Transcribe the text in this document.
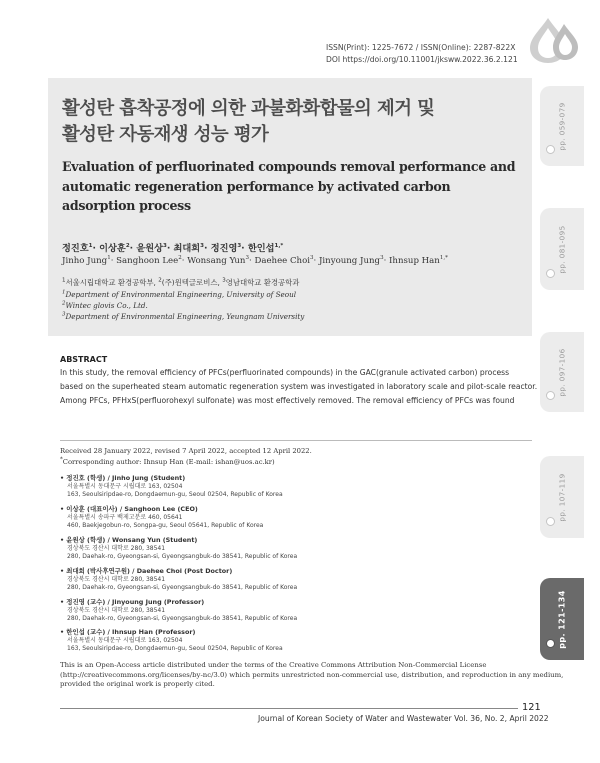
ISSN(Print): 1225-7672 / ISSN(Online): 2287-822X
DOI https://doi.org/10.11001/jksww.2022.36.2.121
활성탄 흡착공정에 의한 과불화화합물의 제거 및
활성탄 자동재생 성능 평가
Evaluation of perfluorinated compounds removal performance and
automatic regeneration performance by activated carbon
adsorption process
정진호$^1$· 이상훈$^2$· 윤원상$^3$· 최대희$^3$· 정진영$^3$· 한인섭$^{1,*}$
Jinho Jung$^1$· Sanghoon Lee$^2$· Wonsang Yun$^3$· Daehee Choi$^3$· Jinyoung Jung$^3$· Ihnsup Han$^{1,*}$
$^1$서울시립대학교 환경공학부, $^2$(주)윈텍글로비스, $^3$영남대학교 환경공학과
$^1$Department of Environmental Engineering, University of Seoul
$^2$Wintec glovis Co., Ltd.
$^3$Department of Environmental Engineering, Yeungnam University
ABSTRACT
In this study, the removal efficiency of PFCs(perfluorinated compounds) in the GAC(granule activated carbon) process
based on the superheated steam automatic regeneration system was investigated in laboratory scale and pilot-scale reactor.
Among PFCs, PFHxS(perfluorohexyl sulfonate) was most effectively removed. The removal efficiency of PFCs was found
Received 28 January 2022, revised 7 April 2022, accepted 12 April 2022.
*Corresponding author: Ihnsup Han (E-mail: ishan@uos.ac.kr)
• 정진호 (학생) / Jinho Jung (Student)
서울특별시 동대문구 시립대로 163, 02504
163, Seoulsiripdae-ro, Dongdaemun-gu, Seoul 02504, Republic of Korea
• 이상훈 (대표이사) / Sanghoon Lee (CEO)
서울특별시 송파구 백제고분로 460, 05641
460, Baekjegobun-ro, Songpa-gu, Seoul 05641, Republic of Korea
• 윤원상 (학생) / Wonsang Yun (Student)
경상북도 경산시 대학로 280, 38541
280, Daehak-ro, Gyeongsan-si, Gyeongsangbuk-do 38541, Republic of Korea
• 최대희 (박사후연구원) / Daehee Choi (Post Doctor)
경상북도 경산시 대학로 280, 38541
280, Daehak-ro, Gyeongsan-si, Gyeongsangbuk-do 38541, Republic of Korea
• 정진영 (교수) / Jinyoung Jung (Professor)
경상북도 경산시 대학로 280, 38541
280, Daehak-ro, Gyeongsan-si, Gyeongsangbuk-do 38541, Republic of Korea
• 한인섭 (교수) / Ihnsup Han (Professor)
서울특별시 동대문구 시립대로 163, 02504
163, Seoulsiripdae-ro, Dongdaemun-gu, Seoul 02504, Republic of Korea
This is an Open-Access article distributed under the terms of the Creative Commons Attribution Non-Commercial License
(http://creativecommons.org/licenses/by-nc/3.0) which permits unrestricted non-commercial use, distribution, and reproduction in any medium,
provided the original work is properly cited.
121
Journal of Korean Society of Water and Wastewater Vol. 36, No. 2, April 2022
pp. 059-079
pp. 081-095
pp. 097-106
pp. 107-119
pp. 121-134
